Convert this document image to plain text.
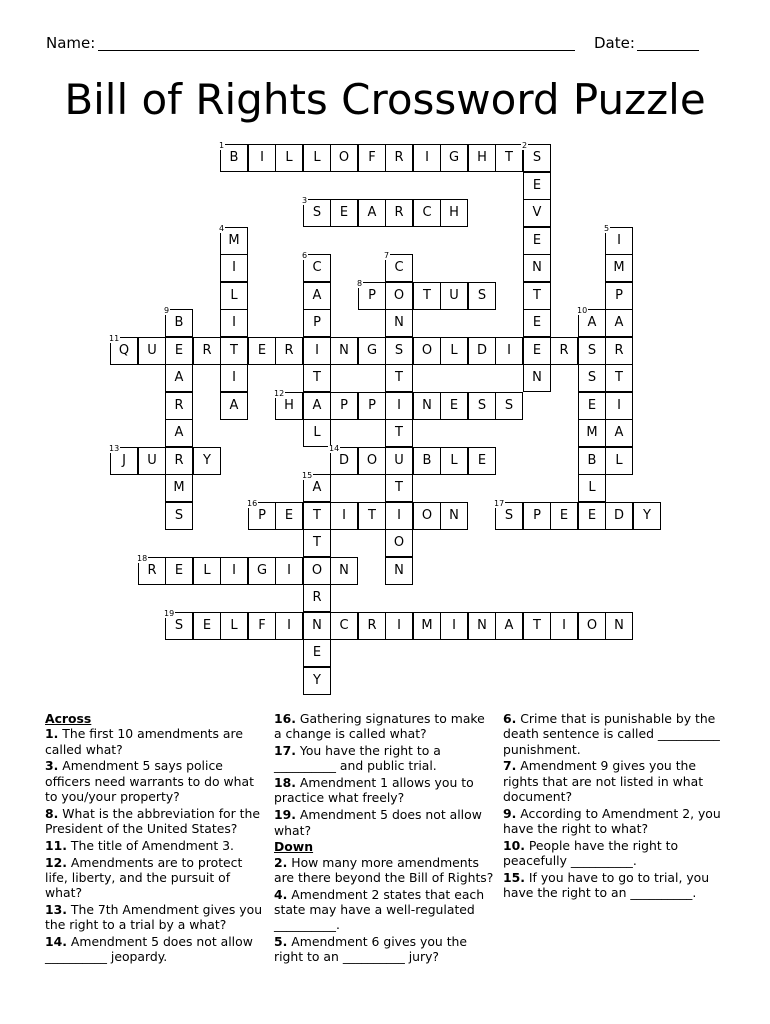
Name:	Date:
Bill of Rights Crossword Puzzle
B
1
I	L	L	O	F	R	I	G	H	T	S
2
E
V
E
N
T
E
E
N
S
3
E	A	R	C	H
M
4
I
L
I
T
I
A
I
5
M
P
A
R
T
I
A
L
C
6
A
P
I
T
A
L
C
7
O
N
S
T
I
T
U
T
I
O
N
P
8
T	U	S
B
9
E
A
R
A
R
M
S
A
10
S
S
E
M
B
L
E
Q
11
U	R	E	R	N	G	O	L	D	I	R
H
12
P	P	N	E	S	S
J
13
U	Y	D
14
O	B	L	E
A
15
T
T
O
R
N
E
Y
P
16
E	I	T	O	N	S
17
P	E	D	Y
R
18
E	L	I	G	I	N
S
19
E	L	F	I	C	R	I	M	I	N	A	T	I	O	N
Across
1. The first 10 amendments are called what?
3. Amendment 5 says police officers need warrants to do what to you/your property?
8. What is the abbreviation for the President of the United States?
11. The title of Amendment 3.
12. Amendments are to protect life, liberty, and the pursuit of what?
13. The 7th Amendment gives you the right to a trial by a what?
14. Amendment 5 does not allow __________ jeopardy.
16. Gathering signatures to make a change is called what?
17. You have the right to a __________ and public trial.
18. Amendment 1 allows you to practice what freely?
19. Amendment 5 does not allow what?
Down
2. How many more amendments are there beyond the Bill of Rights?
4. Amendment 2 states that each state may have a well-regulated __________.
5. Amendment 6 gives you the right to an __________ jury?
6. Crime that is punishable by the death sentence is called __________ punishment.
7. Amendment 9 gives you the rights that are not listed in what document?
9. According to Amendment 2, you have the right to what?
10. People have the right to peacefully __________.
15. If you have to go to trial, you have the right to an __________.
